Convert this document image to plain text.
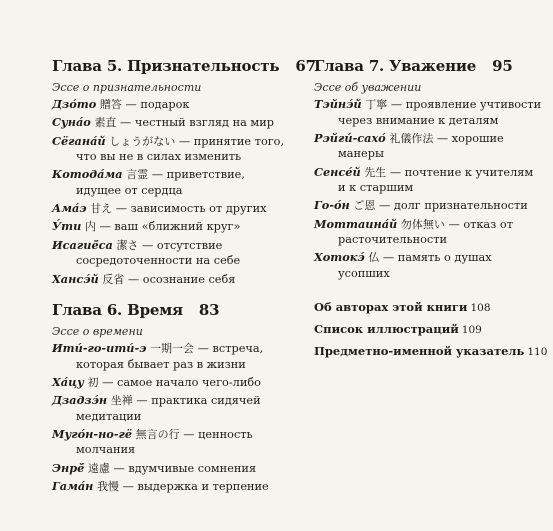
Глава 5. Признательность 67
Эссе о признательности
Дзо́то 贈答 — подарок
Суна́о 素直 — честный взгляд на мир
Сёгана́й しょうがない — принятие того, что вы не в силах изменить
Котода́ма 言霊 — приветствие, идущее от сердца
Ама́э 甘え — зависимость от других
У́ти 内 — ваш «ближний круг»
Исагиё́са 潔さ — отсутствие сосредоточенности на себе
Хансэ́й 反省 — осознание себя
Глава 6. Время 83
Эссе о времени
Ити́-го-ити́-э 一期一会 — встреча, которая бывает раз в жизни
Ха́цу 初 — самое начало чего-либо
Дзадзэ́н 坐禅 — практика сидячей медитации
Муго́н-но-гё 無言の行 — ценность молчания
Энрё́ 遠慮 — вдумчивые сомнения
Гама́н 我慢 — выдержка и терпение
Глава 7. Уважение 95
Эссе об уважении
Тэйнэ́й 丁寧 — проявление учтивости через внимание к деталям
Рэйгú-сахо́ 礼儀作法 — хорошие манеры
Сенсе́й 先生 — почтение к учителям и к старшим
Го-о́н ご恩 — долг признательности
Моттаина́й 勿体無い — отказ от расточительности
Хотокэ́ 仏 — память о душах усопших
Об авторах этой книги 108
Список иллюстраций 109
Предметно-именной указатель 110
